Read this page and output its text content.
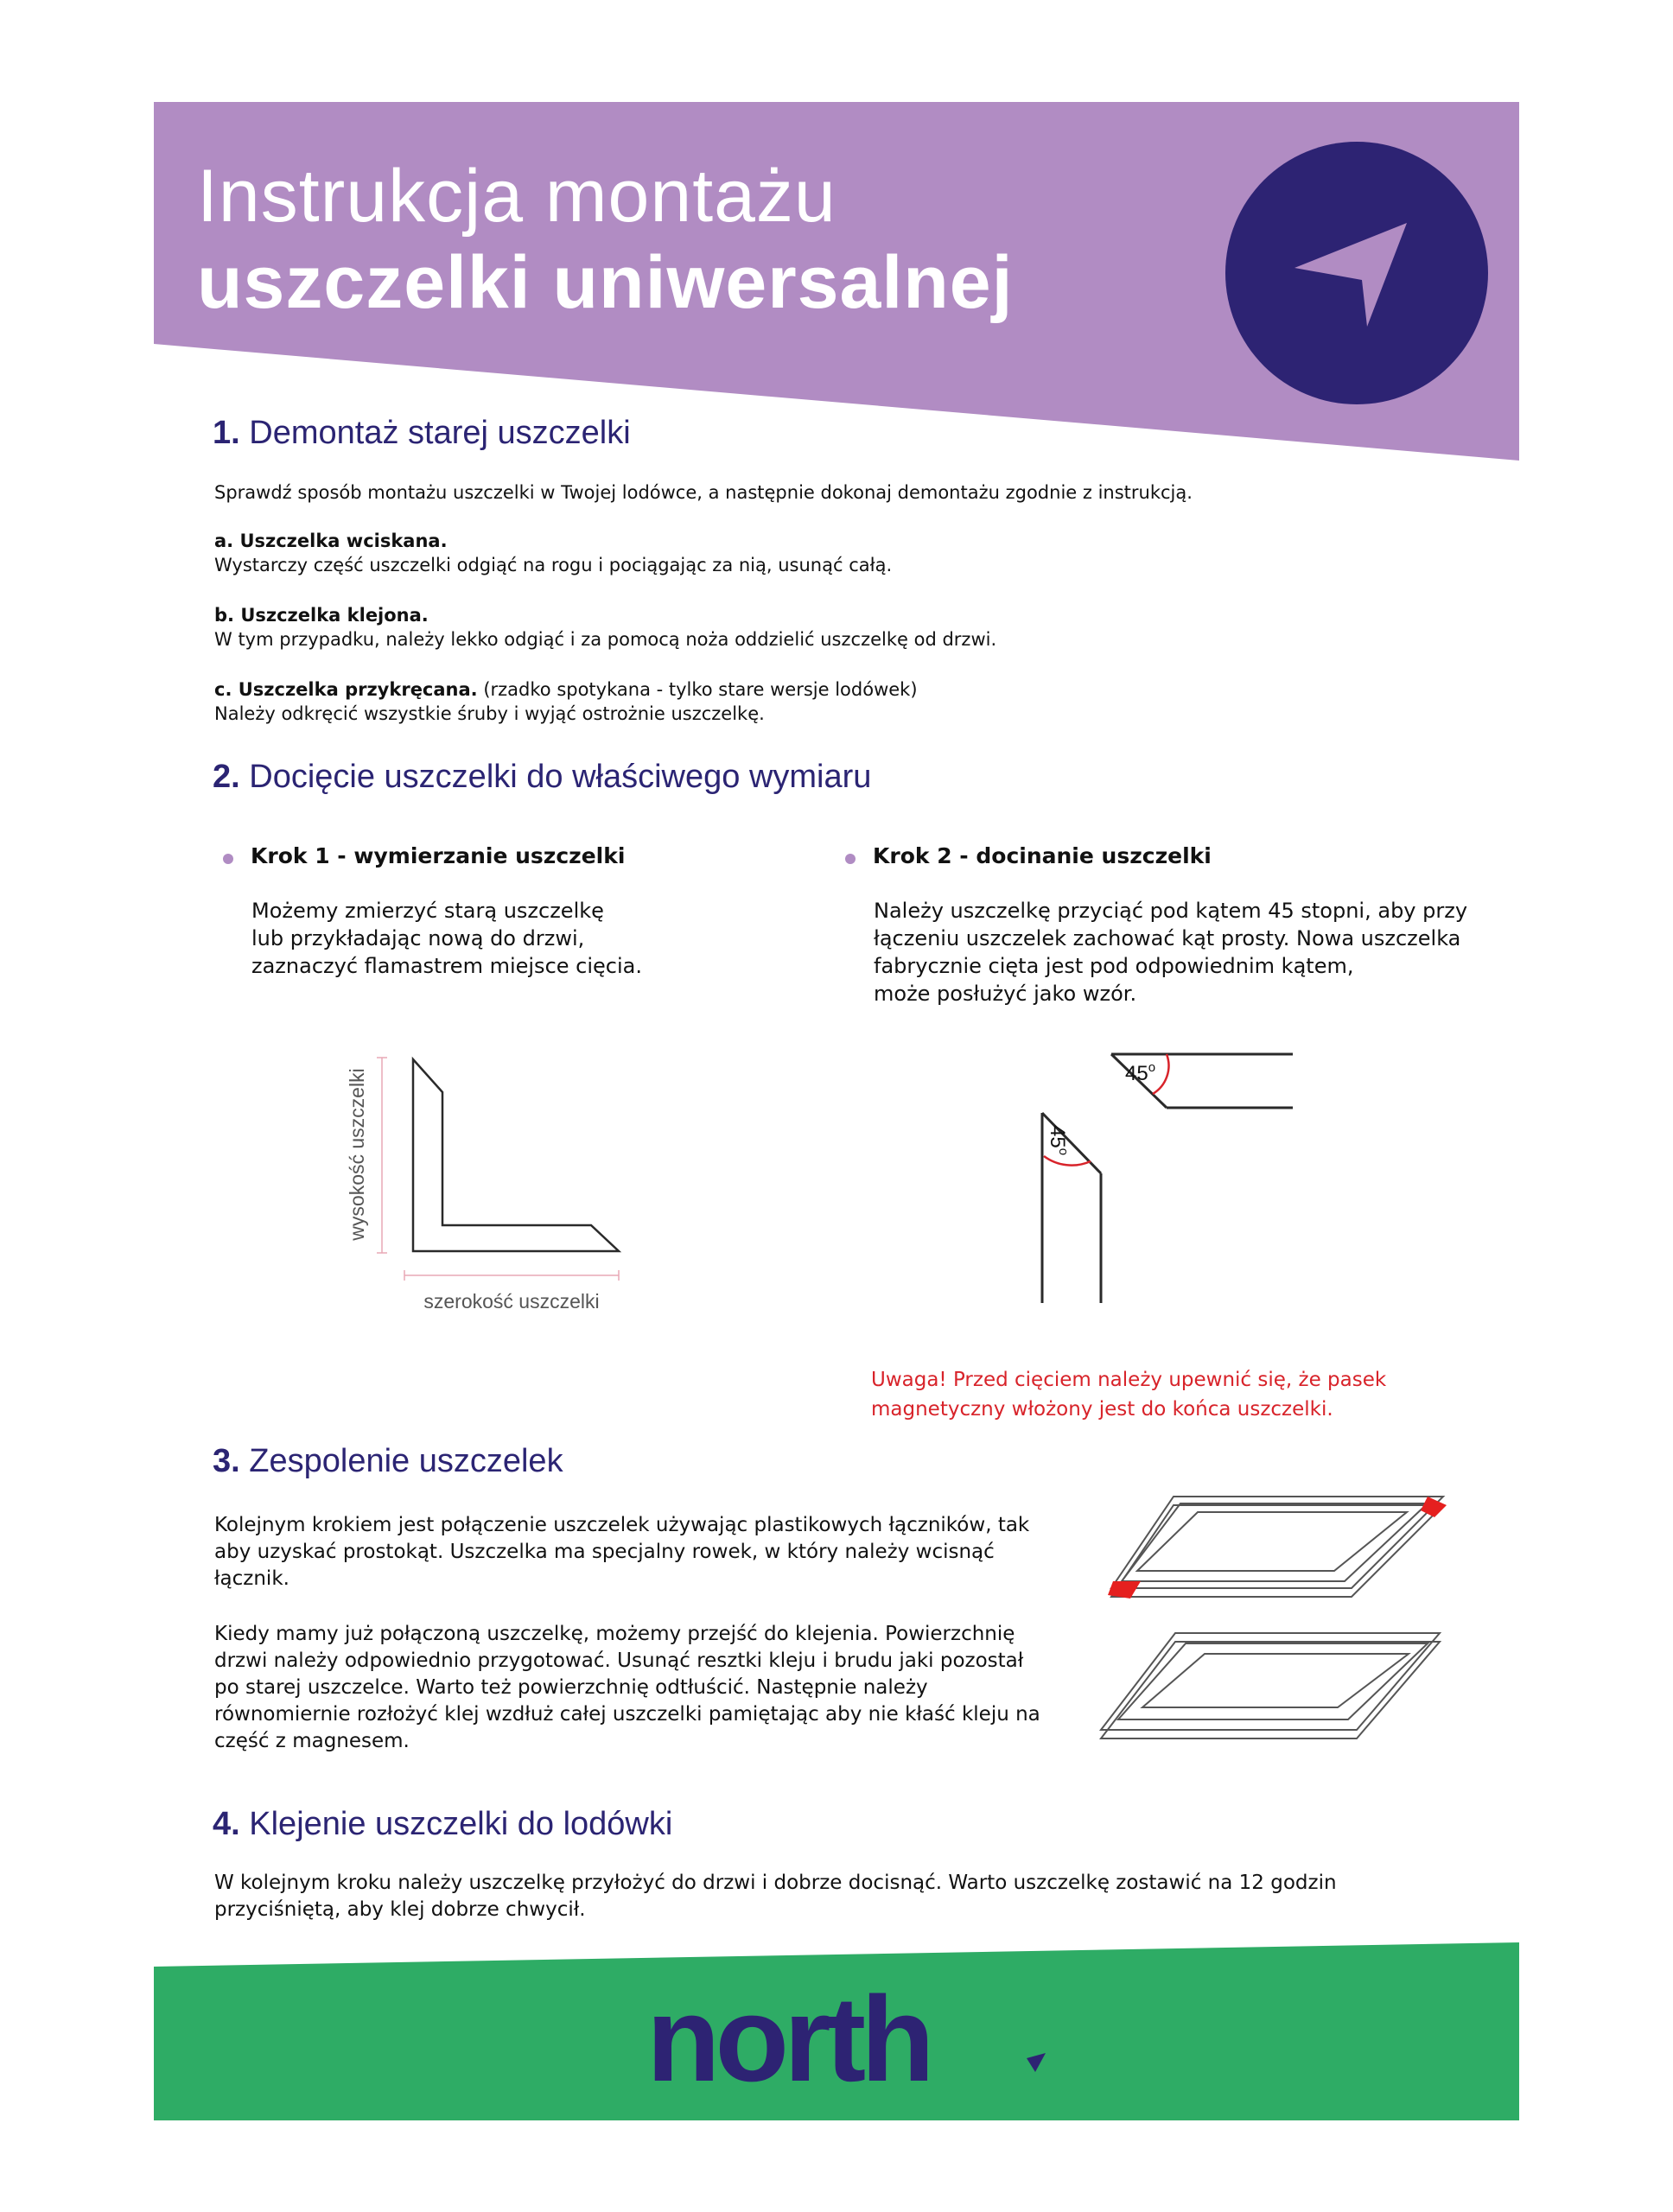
Instrukcja montażu
uszczelki uniwersalnej
1. Demontaż starej uszczelki
Sprawdź sposób montażu uszczelki w Twojej lodówce, a następnie dokonaj demontażu zgodnie z instrukcją.
a. Uszczelka wciskana.
Wystarczy część uszczelki odgiąć na rogu i pociągając za nią, usunąć całą.
b. Uszczelka klejona.
W tym przypadku, należy lekko odgiąć i za pomocą noża oddzielić uszczelkę od drzwi.
c. Uszczelka przykręcana. (rzadko spotykana - tylko stare wersje lodówek)
Należy odkręcić wszystkie śruby i wyjąć ostrożnie uszczelkę.
2. Docięcie uszczelki do właściwego wymiaru
Krok 1 - wymierzanie uszczelki
Możemy zmierzyć starą uszczelkę
lub przykładając nową do drzwi,
zaznaczyć flamastrem miejsce cięcia.
Krok 2 - docinanie uszczelki
Należy uszczelkę przyciąć pod kątem 45 stopni, aby przy
łączeniu uszczelek zachować kąt prosty. Nowa uszczelka
fabrycznie cięta jest pod odpowiednim kątem,
może posłużyć jako wzór.
wysokość uszczelki
szerokość uszczelki
45$^o$
45$^o$
Uwaga! Przed cięciem należy upewnić się, że pasek
magnetyczny włożony jest do końca uszczelki.
3. Zespolenie uszczelek
Kolejnym krokiem jest połączenie uszczelek używając plastikowych łączników, tak
aby uzyskać prostokąt. Uszczelka ma specjalny rowek, w który należy wcisnąć
łącznik.
Kiedy mamy już połączoną uszczelkę, możemy przejść do klejenia. Powierzchnię
drzwi należy odpowiednio przygotować. Usunąć resztki kleju i brudu jaki pozostał
po starej uszczelce. Warto też powierzchnię odtłuścić. Następnie należy
równomiernie rozłożyć klej wzdłuż całej uszczelki pamiętając aby nie kłaść kleju na
część z magnesem.
4. Klejenie uszczelki do lodówki
W kolejnym kroku należy uszczelkę przyłożyć do drzwi i dobrze docisnąć. Warto uszczelkę zostawić na 12 godzin
przyciśniętą, aby klej dobrze chwycił.
north
